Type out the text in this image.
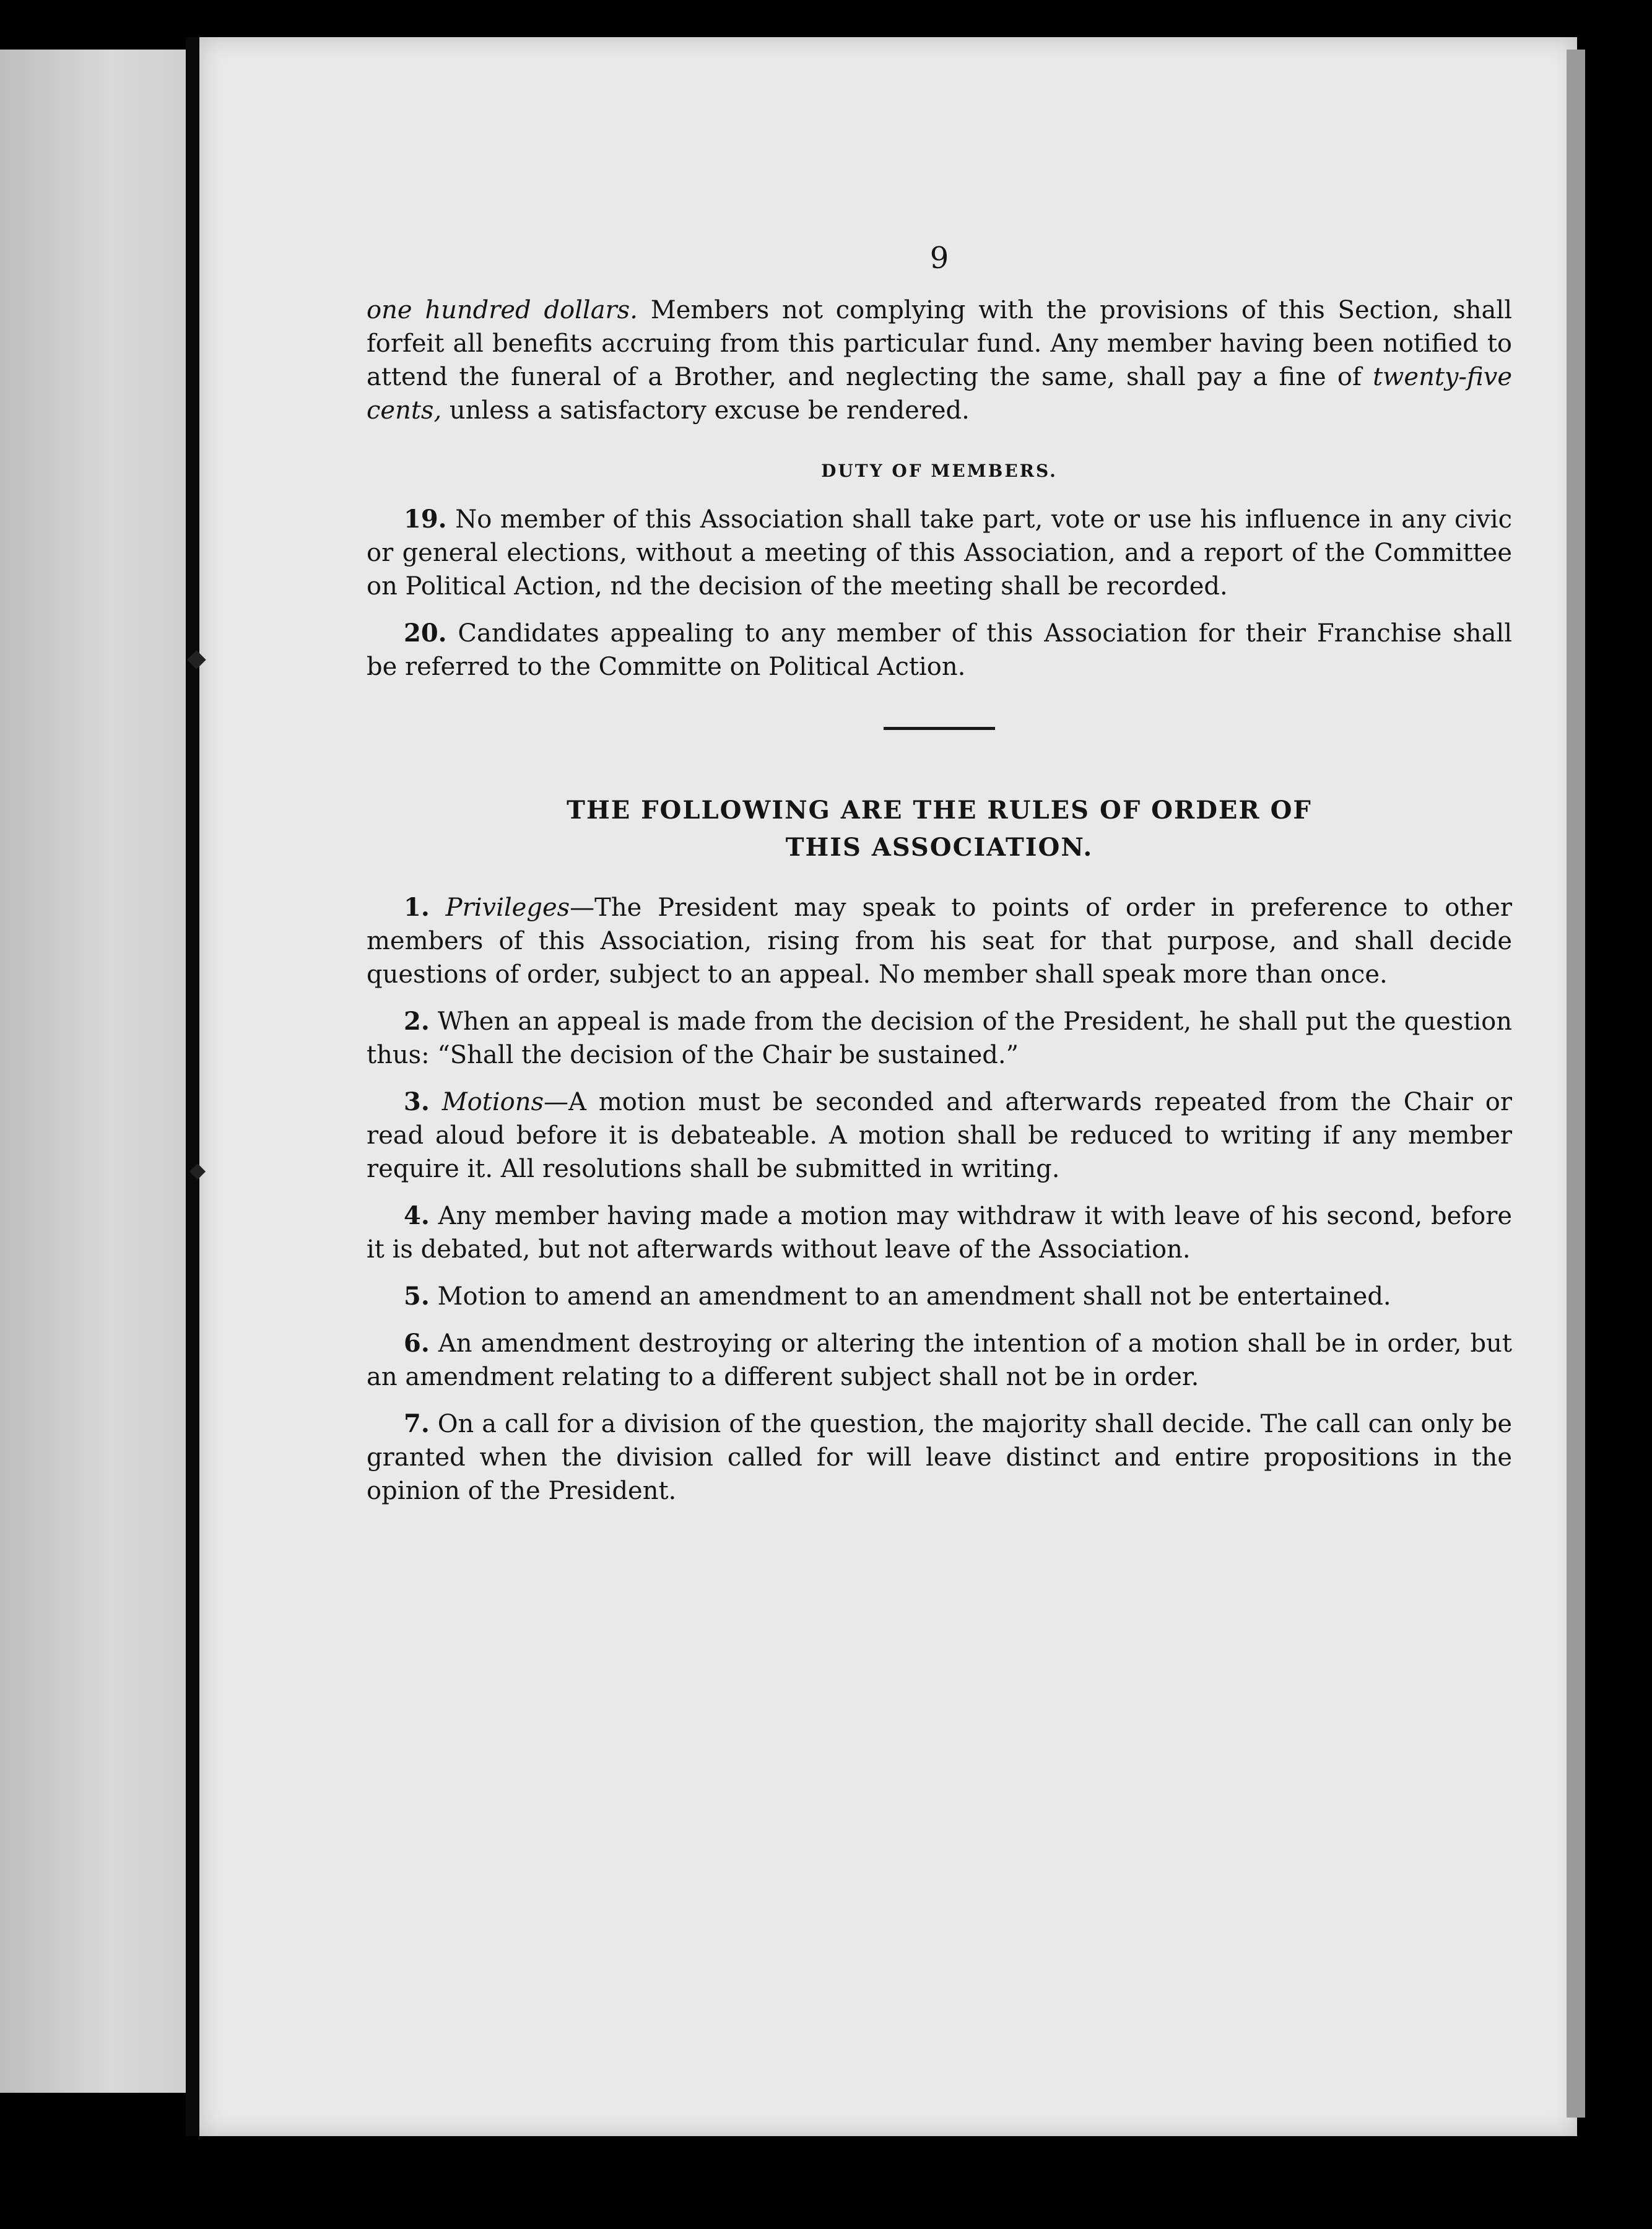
◆
◆
9

one hundred dollars. Members not complying with the provisions of this Section, shall forfeit all benefits accruing from this particular fund. Any member having been notified to attend the funeral of a Brother, and neglecting the same, shall pay a fine of twenty-five cents, unless a satisfactory excuse be rendered.

DUTY OF MEMBERS.

19. No member of this Association shall take part, vote or use his influence in any civic or general elections, without a meeting of this Association, and a report of the Committee on Political Action, nd the decision of the meeting shall be recorded.

20. Candidates appealing to any member of this Association for their Franchise shall be referred to the Committe on Political Action.

THE FOLLOWING ARE THE RULES OF ORDER OF
THIS ASSOCIATION.

1. Privileges—The President may speak to points of order in preference to other members of this Association, rising from his seat for that purpose, and shall decide questions of order, subject to an appeal. No member shall speak more than once.

2. When an appeal is made from the decision of the President, he shall put the question thus: “Shall the decision of the Chair be sustained.”

3. Motions—A motion must be seconded and afterwards repeated from the Chair or read aloud before it is debateable. A motion shall be reduced to writing if any member require it. All resolutions shall be submitted in writing.

4. Any member having made a motion may withdraw it with leave of his second, before it is debated, but not afterwards without leave of the Association.

5. Motion to amend an amendment to an amendment shall not be entertained.

6. An amendment destroying or altering the intention of a motion shall be in order, but an amendment relating to a different subject shall not be in order.

7. On a call for a division of the question, the majority shall decide. The call can only be granted when the division called for will leave distinct and entire propositions in the opinion of the President.
